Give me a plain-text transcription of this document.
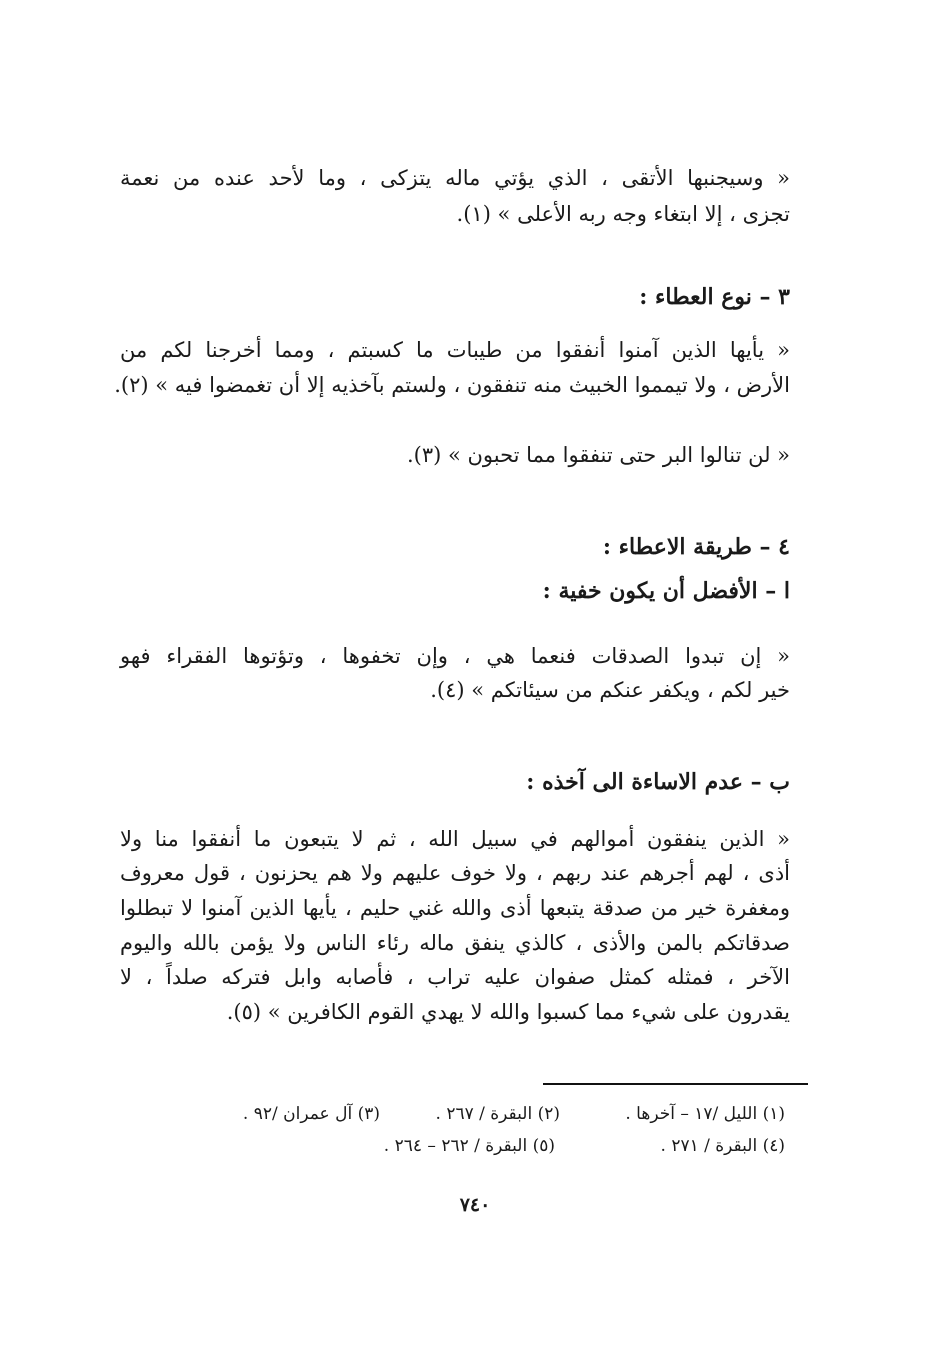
« وسيجنبها الأتقى ، الذي يؤتي ماله يتزكى ، وما لأحد عنده من نعمة
تجزى ، إلا ابتغاء وجه ربه الأعلى » (١).
٣ – نوع العطاء :
« يأيها الذين آمنوا أنفقوا من طيبات ما كسبتم ، ومما أخرجنا لكم من
الأرض ، ولا تيمموا الخبيث منه تنفقون ، ولستم بآخذيه إلا أن تغمضوا فيه » (٢).
« لن تنالوا البر حتى تنفقوا مما تحبون » (٣).
٤ – طريقة الاعطاء :
ا – الأفضل أن يكون خفية :
« إن تبدوا الصدقات فنعما هي ، وإن تخفوها ، وتؤتوها الفقراء فهو
خير لكم ، ويكفر عنكم من سيئاتكم » (٤).
ب – عدم الاساءة الى آخذه :
« الذين ينفقون أموالهم في سبيل الله ، ثم لا يتبعون ما أنفقوا منا ولا
أذى ، لهم أجرهم عند ربهم ، ولا خوف عليهم ولا هم يحزنون ، قول معروف
ومغفرة خير من صدقة يتبعها أذى والله غني حليم ، يأيها الذين آمنوا لا تبطلوا
صدقاتكم بالمن والأذى ، كالذي ينفق ماله رئاء الناس ولا يؤمن بالله واليوم
الآخر ، فمثله كمثل صفوان عليه تراب ، فأصابه وابل فتركه صلداً ، لا
يقدرون على شيء مما كسبوا والله لا يهدي القوم الكافرين » (٥).
(١) الليل /١٧ – آخرها .
(٢) البقرة / ٢٦٧ .
(٣) آل عمران /٩٢ .
(٤) البقرة / ٢٧١ .
(٥) البقرة / ٢٦٢ – ٢٦٤ .
٧٤٠
